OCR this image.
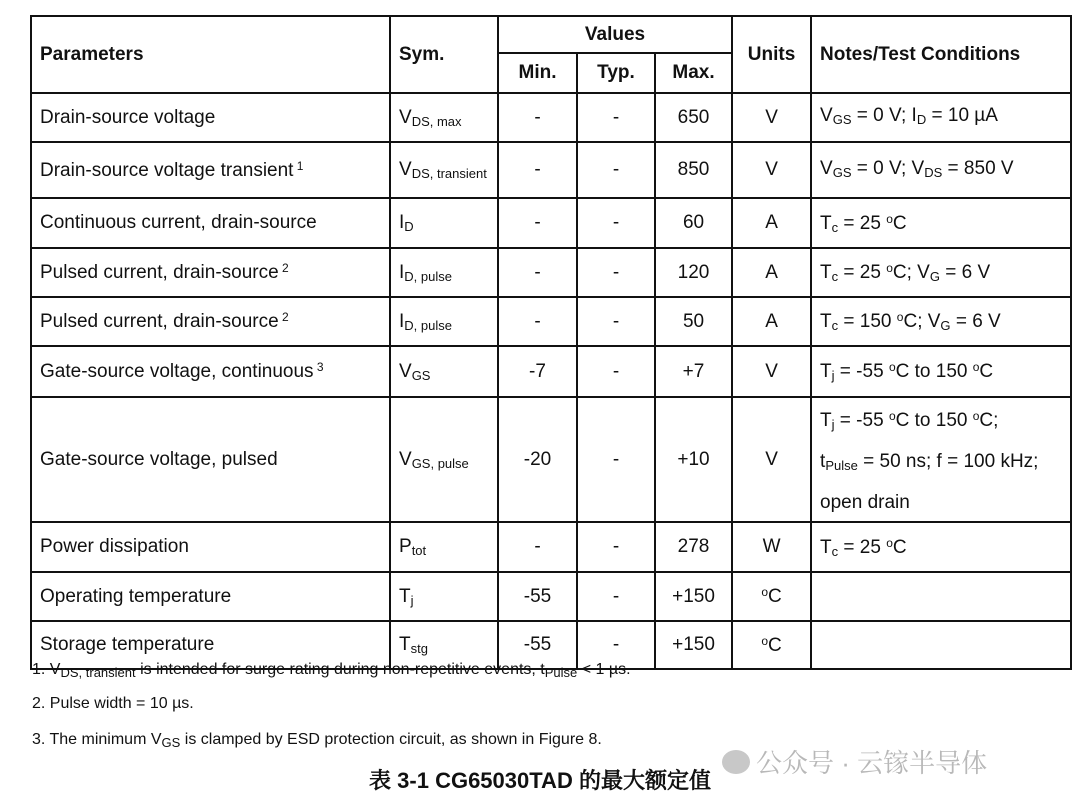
Parameters	Sym.	Values			Units	Notes/Test Conditions
		Min.	Typ.	Max.		
Drain-source voltage	$V_{DS, max}$	-	-	650	V	$V_{GS} = 0$ V; $I_D = 10$ µA

Drain-source voltage transient $^1$	$V_{DS, transient}$	-	-	850	V	$V_{GS} = 0$ V; $V_{DS} = 850$ V

Continuous current, drain-source	$I_D$	-	-	60	A	$T_c = 25$ $^o$C

Pulsed current, drain-source $^2$	$I_{D, pulse}$	-	-	120	A	$T_c = 25$ $^o$C; $V_G = 6$ V

Pulsed current, drain-source $^2$	$I_{D, pulse}$	-	-	50	A	$T_c = 150$ $^o$C; $V_G = 6$ V

Gate-source voltage, continuous $^3$	$V_{GS}$	-7	-	+7	V	$T_j = -55$ $^o$C to 150 $^o$C

Gate-source voltage, pulsed	$V_{GS, pulse}$	-20	-	+10	V	$T_j = -55$ $^o$C to 150 $^o$C;
$t_{Pulse} = 50$ ns; f = 100 kHz;
open drain

Power dissipation	$P_{tot}$	-	-	278	W	$T_c = 25$ $^o$C

Operating temperature	$T_j$	-55	-	+150	$^o$C	
Storage temperature	$T_{stg}$	-55	-	+150	$^o$C	
1. $V_{DS, transient}$ is intended for surge rating during non-repetitive events, $t_{Pulse} < 1$ µs.
2. Pulse width = 10 µs.
3. The minimum $V_{GS}$ is clamped by ESD protection circuit, as shown in Figure 8.
公众号 · 云镓半导体
表 3-1 CG65030TAD 的最大额定值
